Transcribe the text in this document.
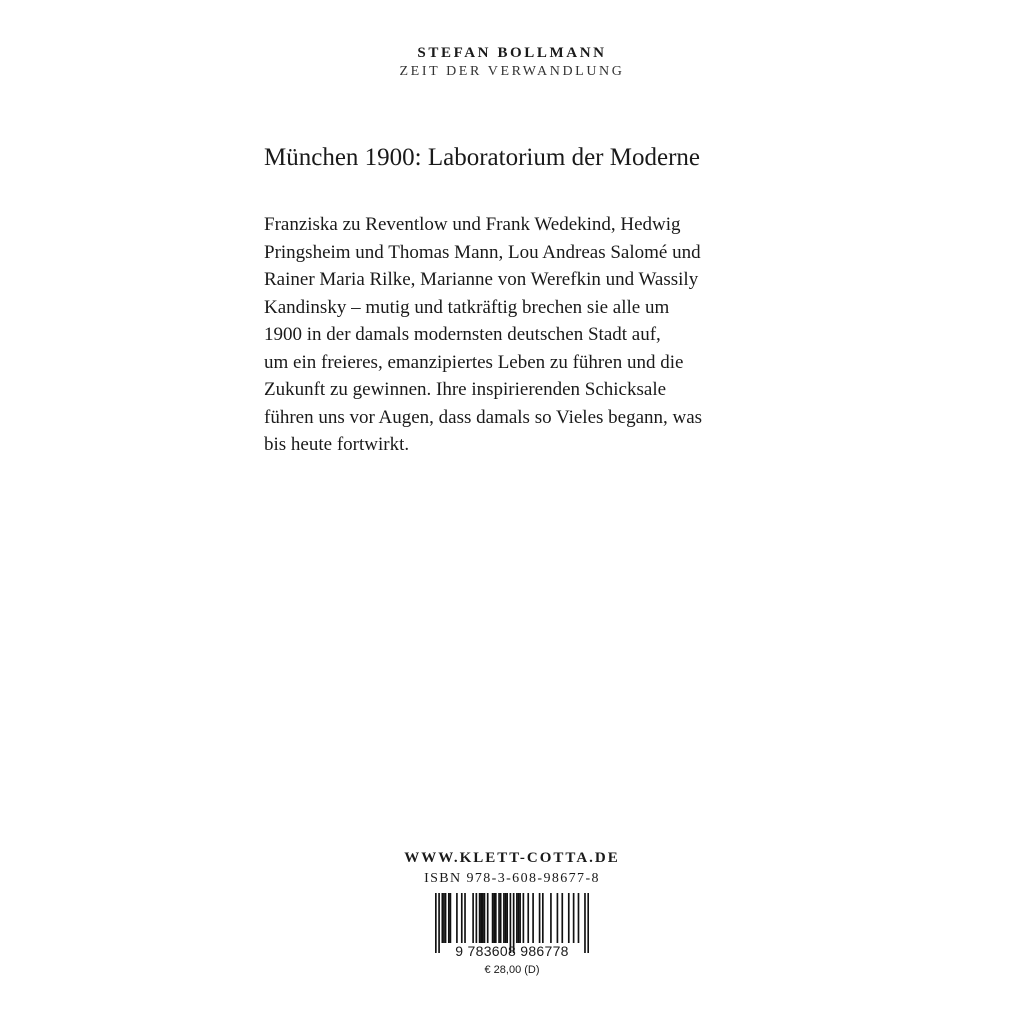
STEFAN BOLLMANN
ZEIT DER VERWANDLUNG
München 1900: Laboratorium der Moderne
Franziska zu Reventlow und Frank Wedekind, Hedwig
Pringsheim und Thomas Mann, Lou Andreas Salomé und
Rainer Maria Rilke, Marianne von Werefkin und Wassily
Kandinsky – mutig und tatkräftig brechen sie alle um
1900 in der damals modernsten deutschen Stadt auf,
um ein freieres, emanzipiertes Leben zu führen und die
Zukunft zu gewinnen. Ihre inspirierenden Schicksale
führen uns vor Augen, dass damals so Vieles begann, was
bis heute fortwirkt.
WWW.KLETT-COTTA.DE
ISBN 978-3-608-98677-8
9 783608 986778
€ 28,00 (D)
